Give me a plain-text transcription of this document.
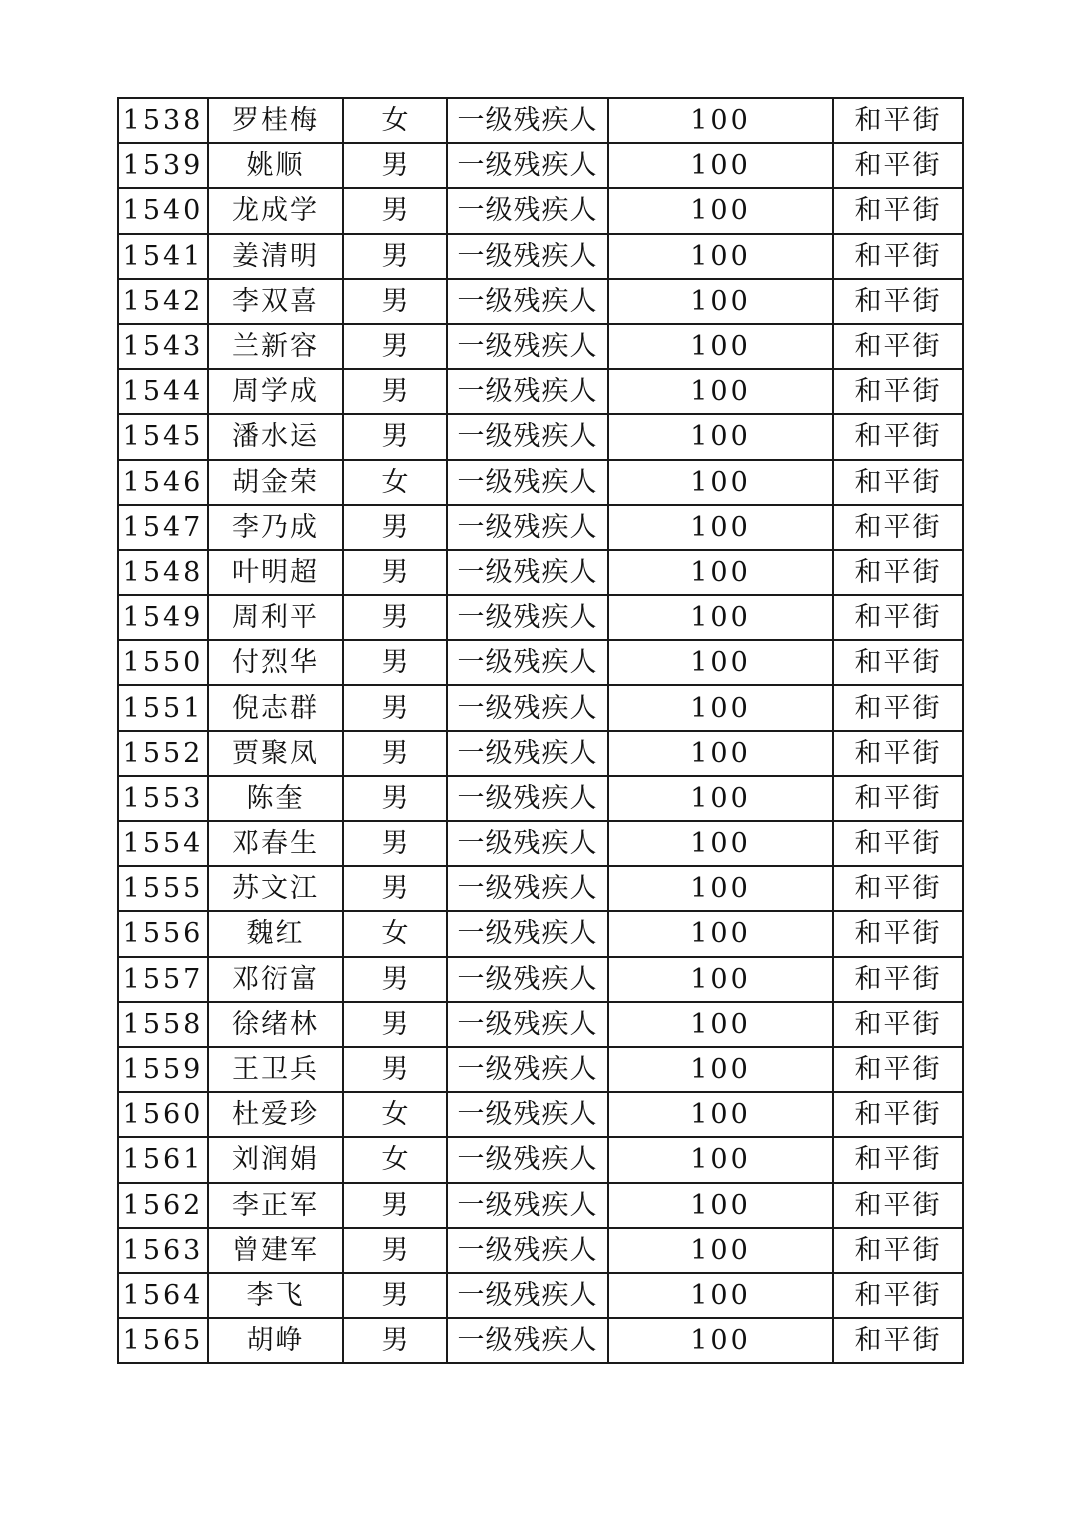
1538	罗桂梅	女	一级残疾人	100	和平街
1539	姚顺	男	一级残疾人	100	和平街
1540	龙成学	男	一级残疾人	100	和平街
1541	姜清明	男	一级残疾人	100	和平街
1542	李双喜	男	一级残疾人	100	和平街
1543	兰新容	男	一级残疾人	100	和平街
1544	周学成	男	一级残疾人	100	和平街
1545	潘水运	男	一级残疾人	100	和平街
1546	胡金荣	女	一级残疾人	100	和平街
1547	李乃成	男	一级残疾人	100	和平街
1548	叶明超	男	一级残疾人	100	和平街
1549	周利平	男	一级残疾人	100	和平街
1550	付烈华	男	一级残疾人	100	和平街
1551	倪志群	男	一级残疾人	100	和平街
1552	贾聚凤	男	一级残疾人	100	和平街
1553	陈奎	男	一级残疾人	100	和平街
1554	邓春生	男	一级残疾人	100	和平街
1555	苏文江	男	一级残疾人	100	和平街
1556	魏红	女	一级残疾人	100	和平街
1557	邓衍富	男	一级残疾人	100	和平街
1558	徐绪林	男	一级残疾人	100	和平街
1559	王卫兵	男	一级残疾人	100	和平街
1560	杜爱珍	女	一级残疾人	100	和平街
1561	刘润娟	女	一级残疾人	100	和平街
1562	李正军	男	一级残疾人	100	和平街
1563	曾建军	男	一级残疾人	100	和平街
1564	李飞	男	一级残疾人	100	和平街
1565	胡峥	男	一级残疾人	100	和平街
